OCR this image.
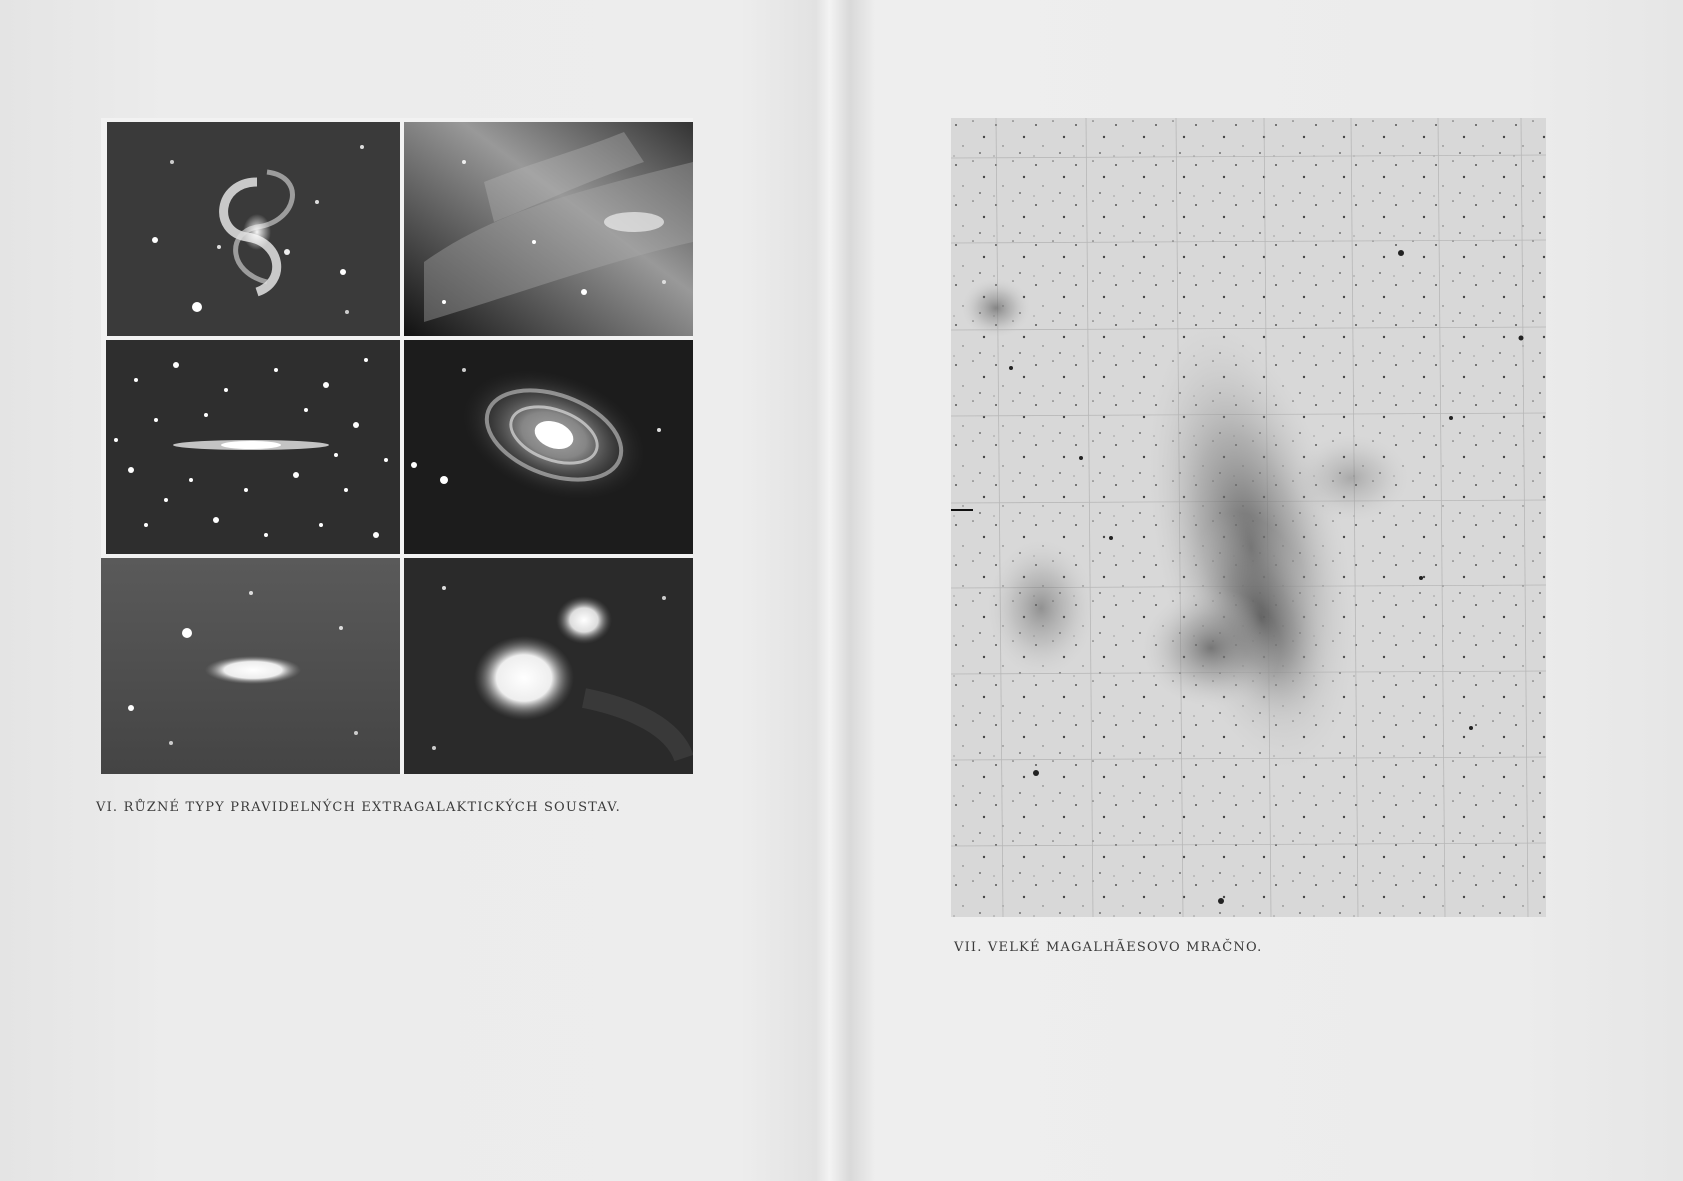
VI. RŮZNÉ TYPY PRAVIDELNÝCH EXTRAGALAKTICKÝCH SOUSTAV.
VII. VELKÉ MAGALHÃESOVO MRAČNO.
